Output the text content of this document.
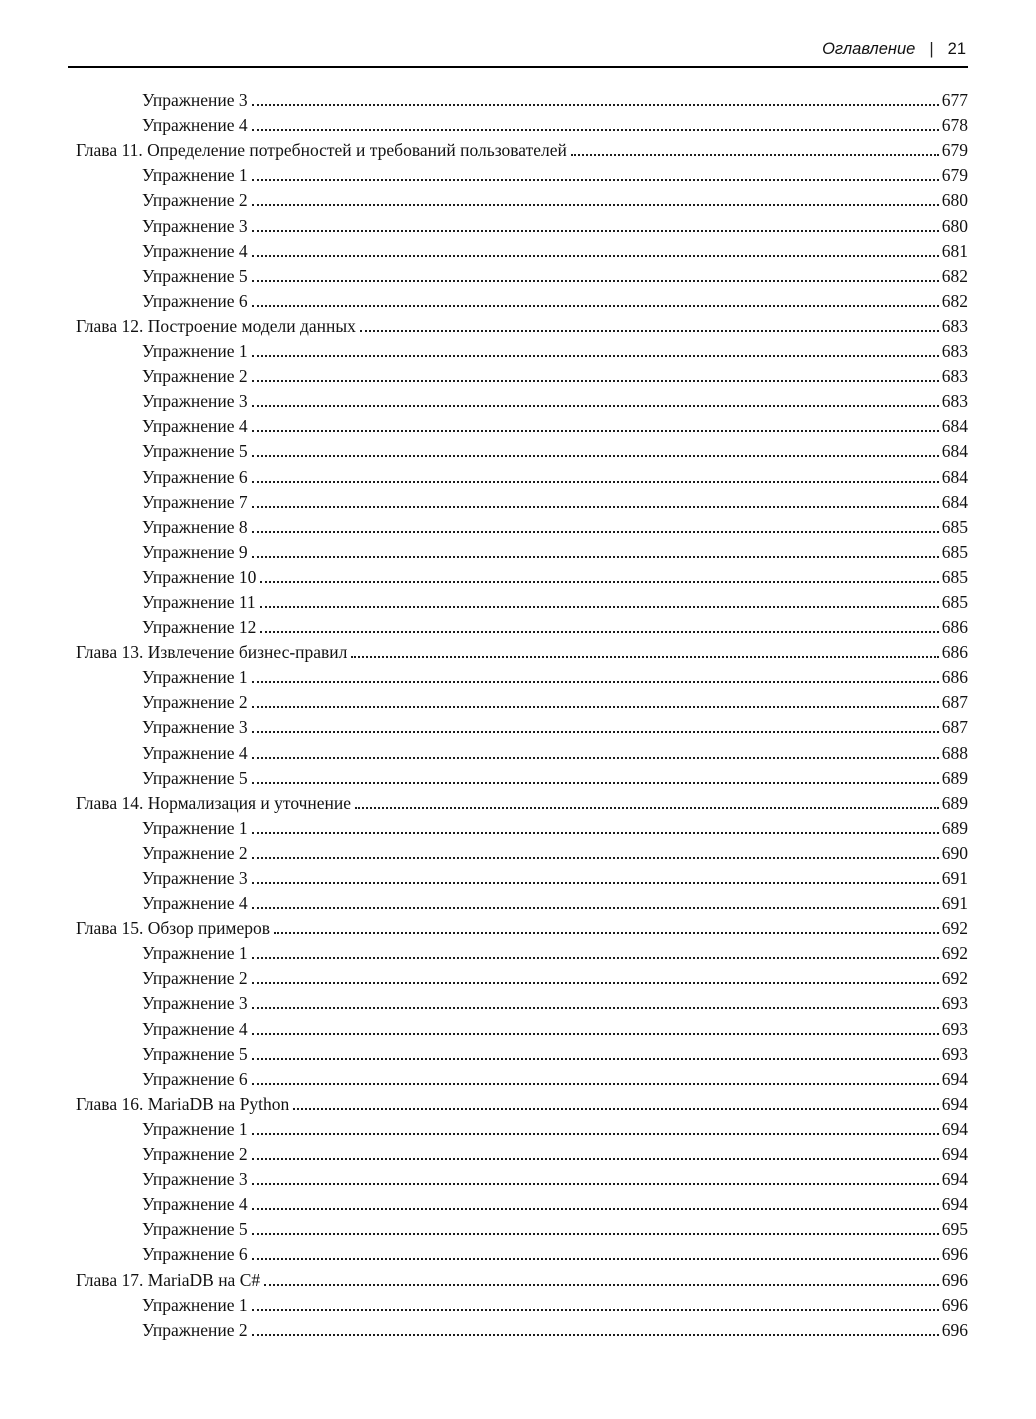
Оглавление | 21
Упражнение 3	677
Упражнение 4	678
Глава 11. Определение потребностей и требований пользователей	679
Упражнение 1	679
Упражнение 2	680
Упражнение 3	680
Упражнение 4	681
Упражнение 5	682
Упражнение 6	682
Глава 12. Построение модели данных	683
Упражнение 1	683
Упражнение 2	683
Упражнение 3	683
Упражнение 4	684
Упражнение 5	684
Упражнение 6	684
Упражнение 7	684
Упражнение 8	685
Упражнение 9	685
Упражнение 10	685
Упражнение 11	685
Упражнение 12	686
Глава 13. Извлечение бизнес-правил	686
Упражнение 1	686
Упражнение 2	687
Упражнение 3	687
Упражнение 4	688
Упражнение 5	689
Глава 14. Нормализация и уточнение	689
Упражнение 1	689
Упражнение 2	690
Упражнение 3	691
Упражнение 4	691
Глава 15. Обзор примеров	692
Упражнение 1	692
Упражнение 2	692
Упражнение 3	693
Упражнение 4	693
Упражнение 5	693
Упражнение 6	694
Глава 16. MariaDB на Python	694
Упражнение 1	694
Упражнение 2	694
Упражнение 3	694
Упражнение 4	694
Упражнение 5	695
Упражнение 6	696
Глава 17. MariaDB на C#	696
Упражнение 1	696
Упражнение 2	696
